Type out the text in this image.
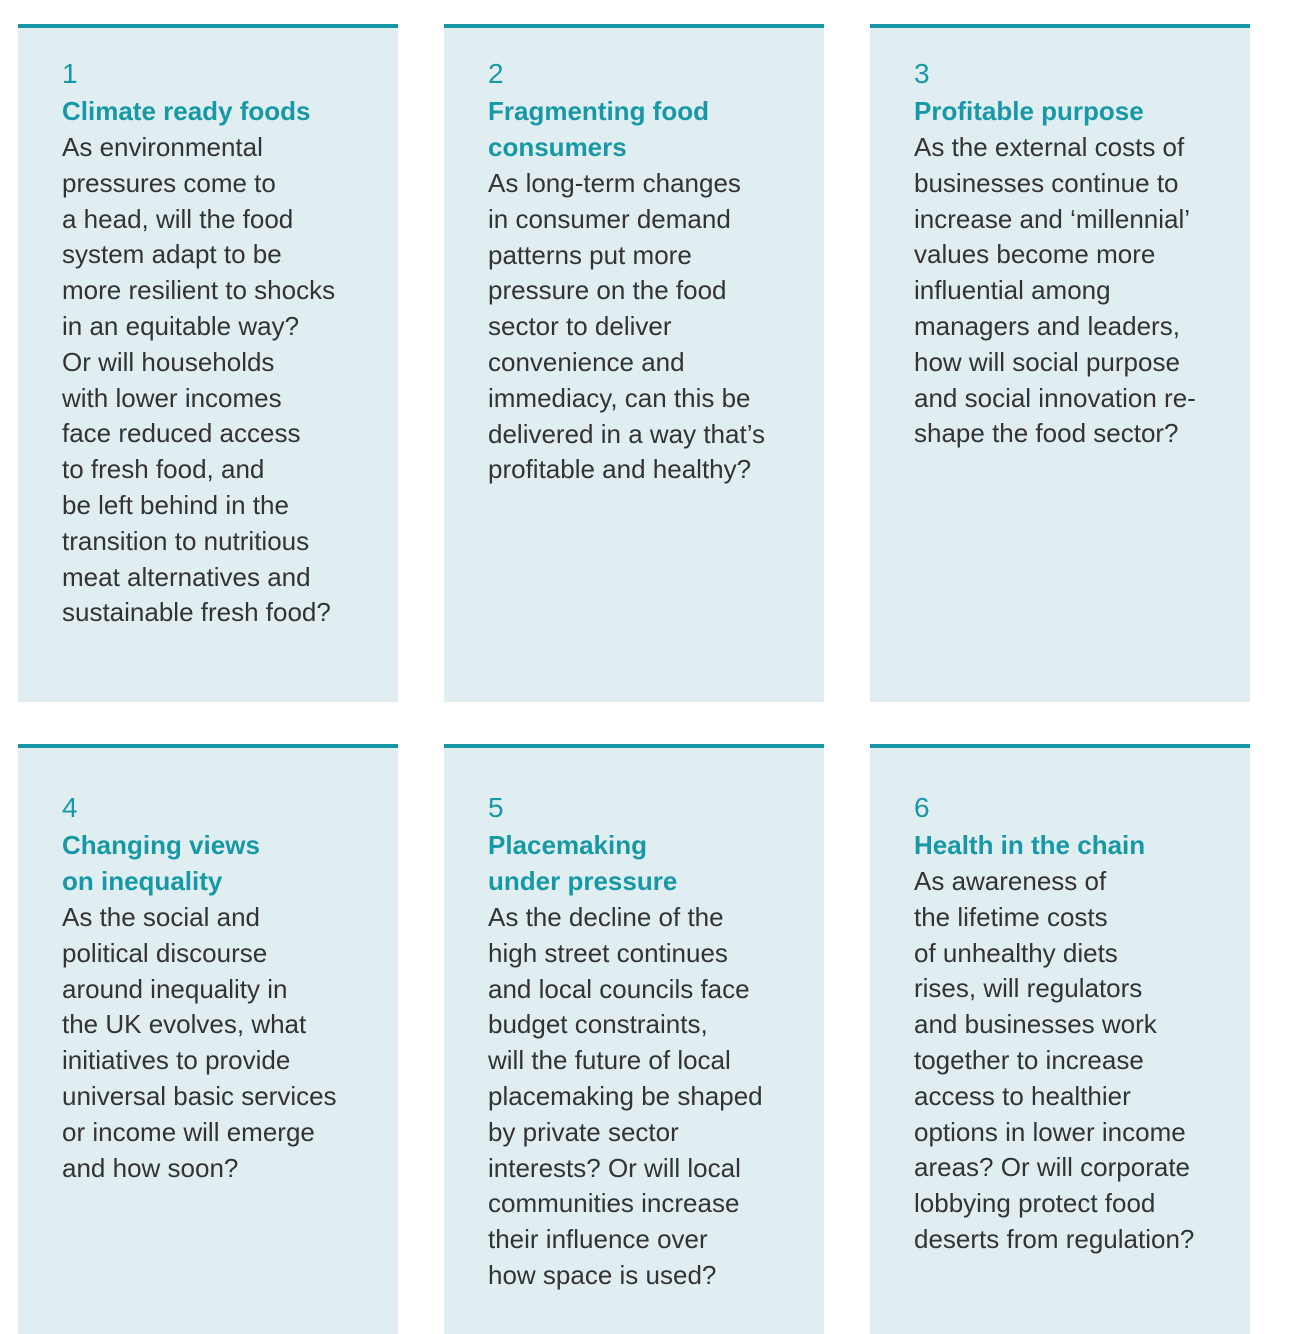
1
Climate ready foods
As environmental
pressures come to
a head, will the food
system adapt to be
more resilient to shocks
in an equitable way?
Or will households
with lower incomes
face reduced access
to fresh food, and
be left behind in the
transition to nutritious
meat alternatives and
sustainable fresh food?
2
Fragmenting food
consumers
As long-term changes
in consumer demand
patterns put more
pressure on the food
sector to deliver
convenience and
immediacy, can this be
delivered in a way that’s
profitable and healthy?
3
Profitable purpose
As the external costs of
businesses continue to
increase and ‘millennial’
values become more
influential among
managers and leaders,
how will social purpose
and social innovation re-
shape the food sector?
4
Changing views
on inequality
As the social and
political discourse
around inequality in
the UK evolves, what
initiatives to provide
universal basic services
or income will emerge
and how soon?
5
Placemaking
under pressure
As the decline of the
high street continues
and local councils face
budget constraints,
will the future of local
placemaking be shaped
by private sector
interests? Or will local
communities increase
their influence over
how space is used?
6
Health in the chain
As awareness of
the lifetime costs
of unhealthy diets
rises, will regulators
and businesses work
together to increase
access to healthier
options in lower income
areas? Or will corporate
lobbying protect food
deserts from regulation?
